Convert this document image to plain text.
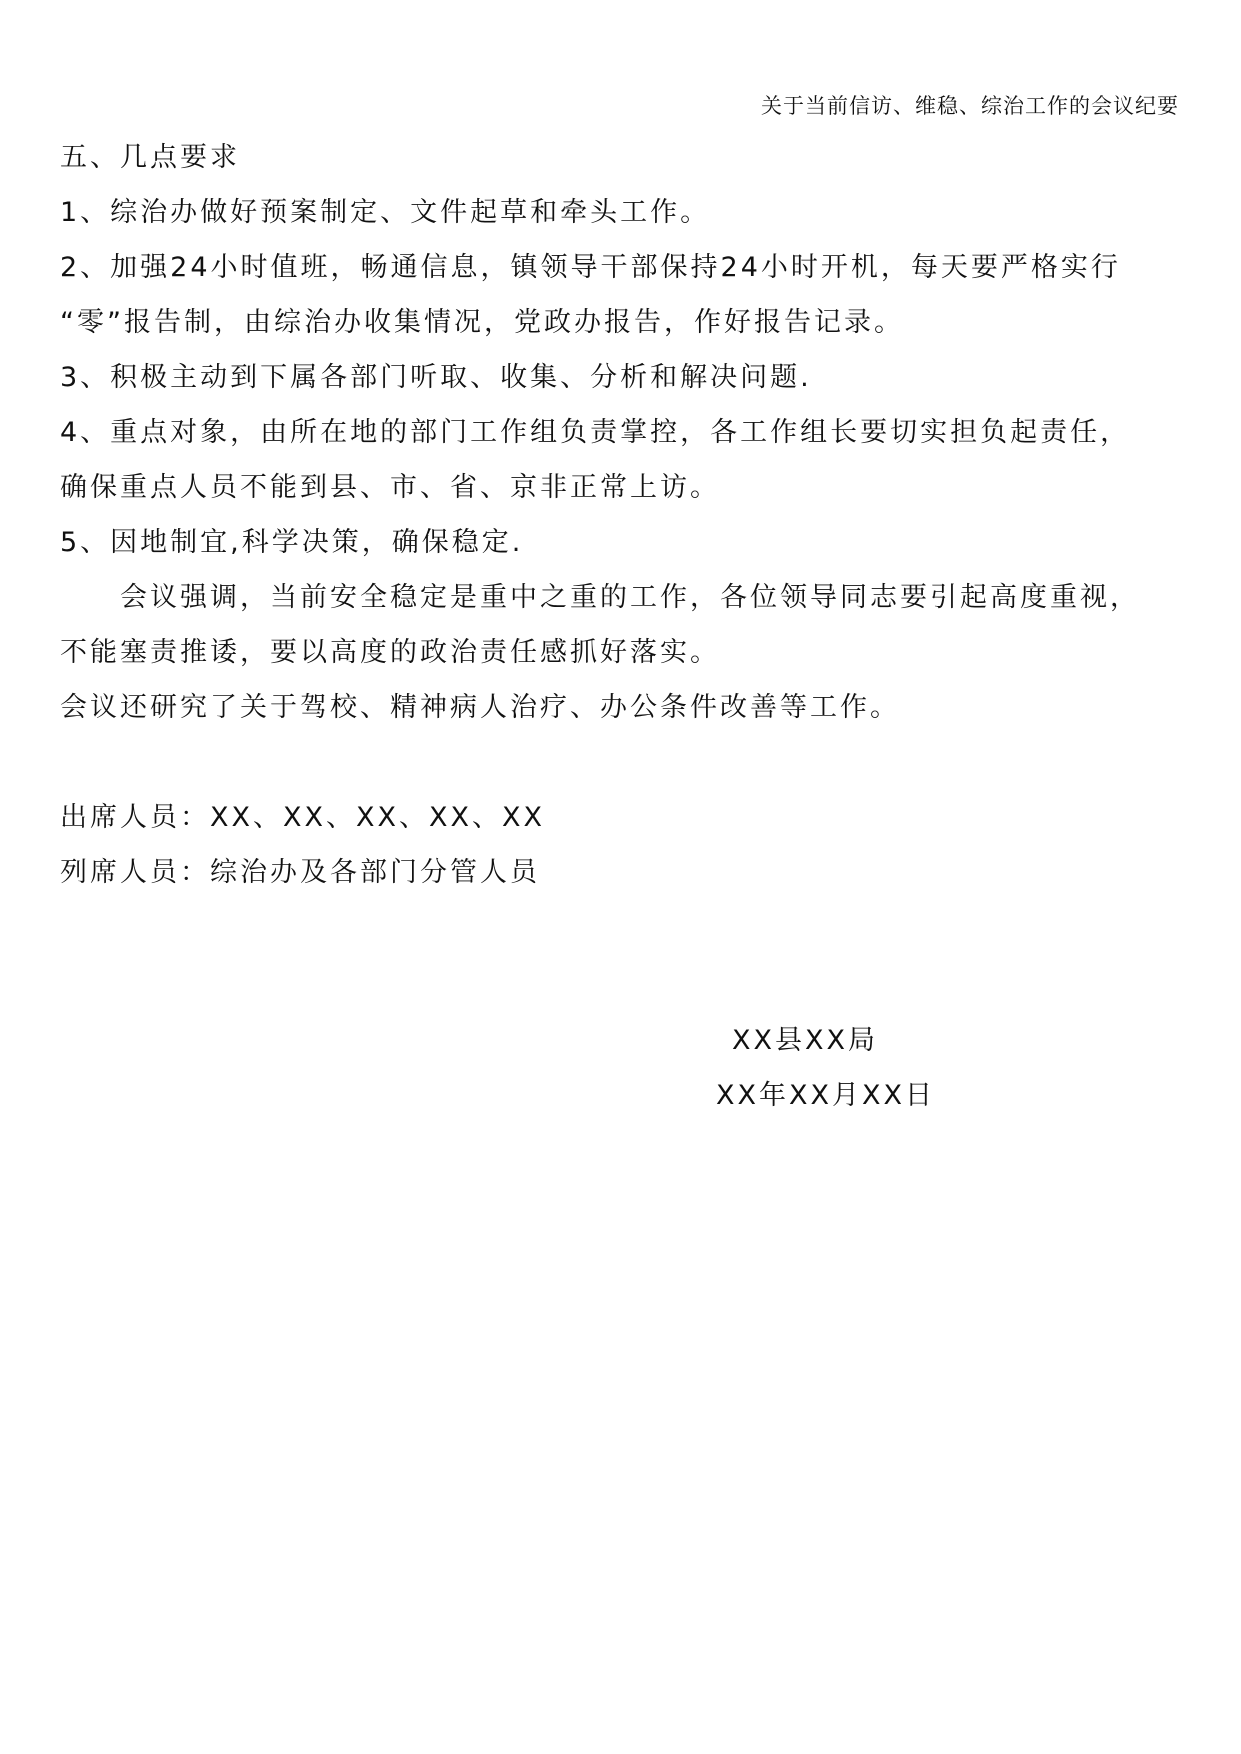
关于当前信访、维稳、综治工作的会议纪要
五、几点要求
1、综治办做好预案制定、文件起草和牵头工作。
2、加强24小时值班，畅通信息，镇领导干部保持24小时开机，每天要严格实行
“零”报告制，由综治办收集情况，党政办报告，作好报告记录。
3、积极主动到下属各部门听取、收集、分析和解决问题.
4、重点对象，由所在地的部门工作组负责掌控，各工作组长要切实担负起责任，
确保重点人员不能到县、市、省、京非正常上访。
5、因地制宜,科学决策，确保稳定.
会议强调，当前安全稳定是重中之重的工作，各位领导同志要引起高度重视，
不能塞责推诿，要以高度的政治责任感抓好落实。
会议还研究了关于驾校、精神病人治疗、办公条件改善等工作。
出席人员：XX、XX、XX、XX、XX
列席人员：综治办及各部门分管人员
XX县XX局
XX年XX月XX日
